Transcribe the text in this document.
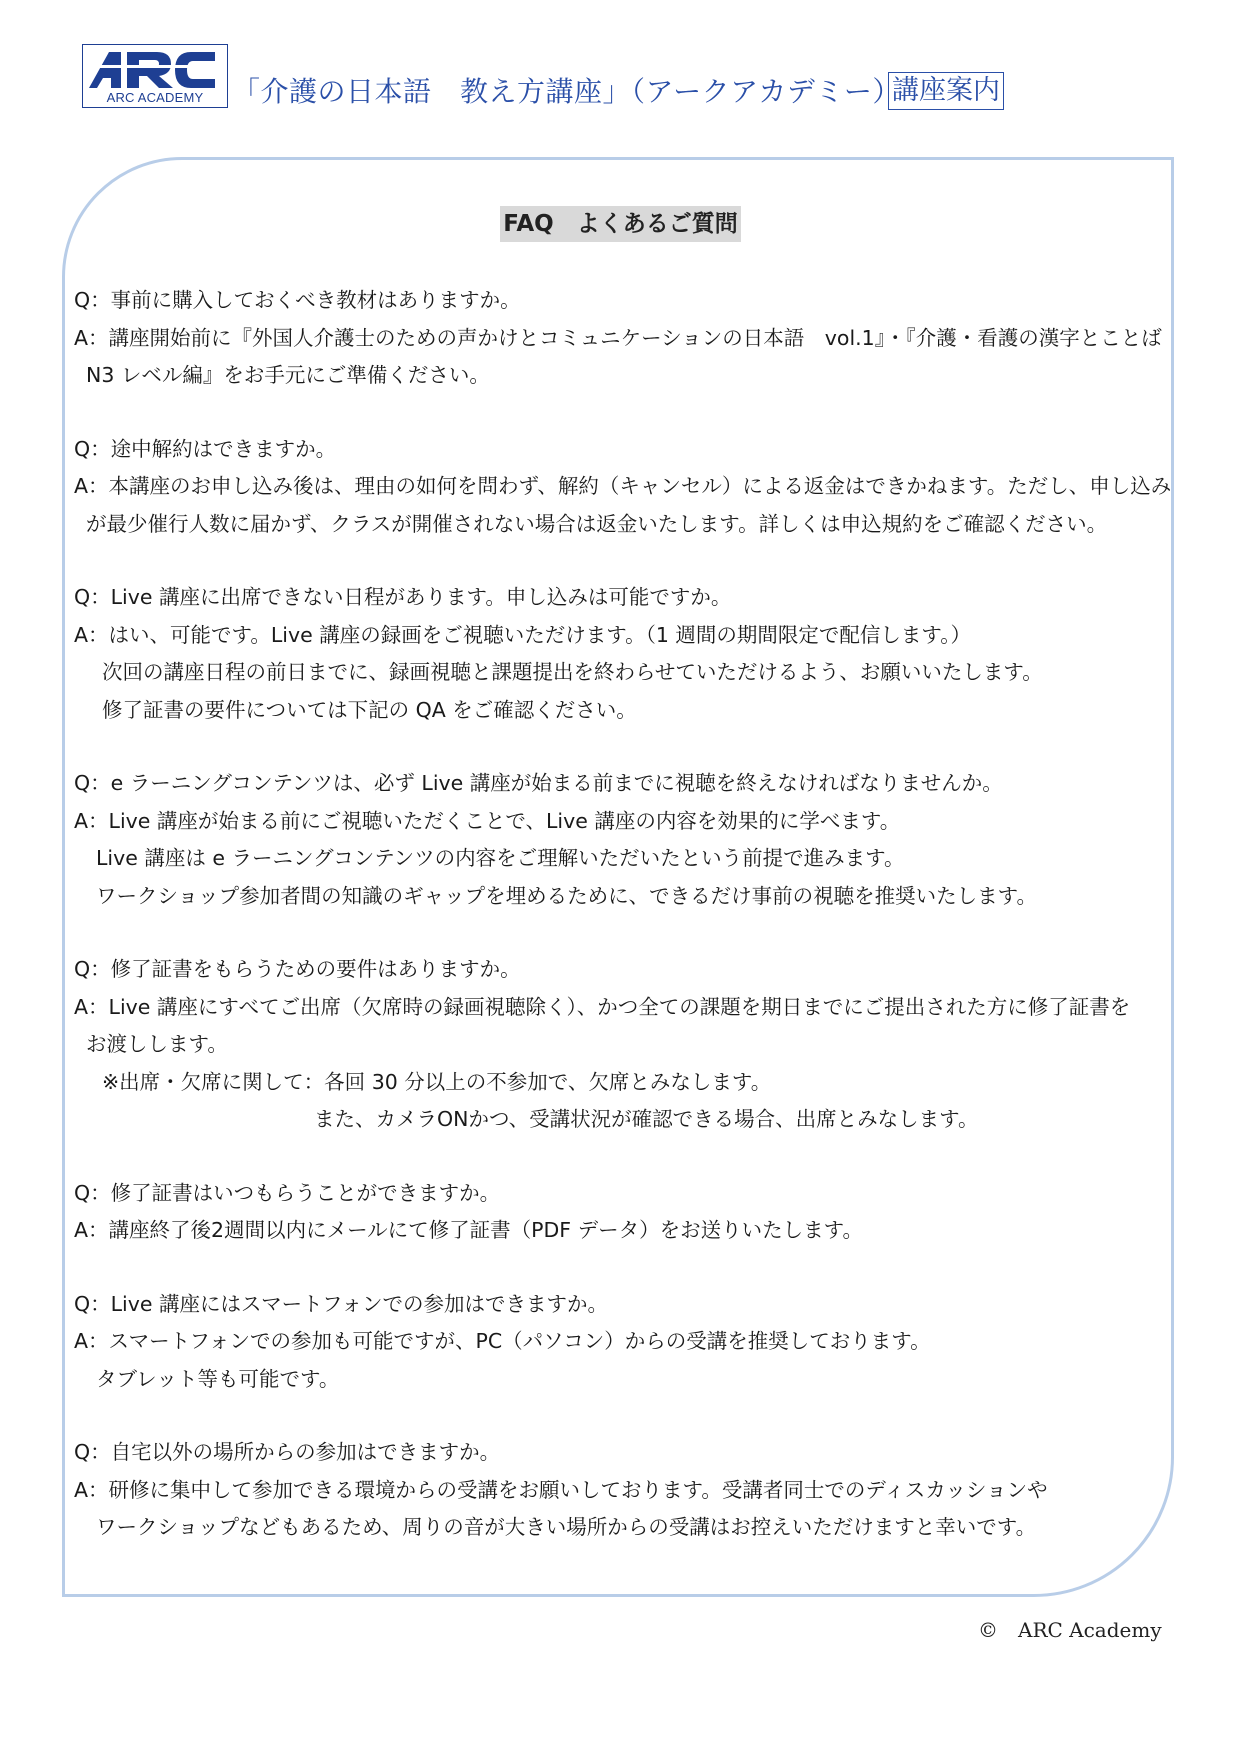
ARC ACADEMY	「介護の日本語　教え方講座」（アークアカデミー）
講座案内
FAQ　よくあるご質問
Q：事前に購入しておくべき教材はありますか。
A：講座開始前に『外国人介護士のための声かけとコミュニケーションの日本語　vol.1』・『介護・看護の漢字とことば
N3 レベル編』をお手元にご準備ください。
Q：途中解約はできますか。
A：本講座のお申し込み後は、理由の如何を問わず、解約（キャンセル）による返金はできかねます。ただし、申し込み
が最少催行人数に届かず、クラスが開催されない場合は返金いたします。詳しくは申込規約をご確認ください。
Q：Live 講座に出席できない日程があります。申し込みは可能ですか。
A：はい、可能です。Live 講座の録画をご視聴いただけます。（1 週間の期間限定で配信します。）
次回の講座日程の前日までに、録画視聴と課題提出を終わらせていただけるよう、お願いいたします。
修了証書の要件については下記の QA をご確認ください。
Q：e ラーニングコンテンツは、必ず Live 講座が始まる前までに視聴を終えなければなりませんか。
A：Live 講座が始まる前にご視聴いただくことで、Live 講座の内容を効果的に学べます。
Live 講座は e ラーニングコンテンツの内容をご理解いただいたという前提で進みます。
ワークショップ参加者間の知識のギャップを埋めるために、できるだけ事前の視聴を推奨いたします。
Q：修了証書をもらうための要件はありますか。
A：Live 講座にすべてご出席（欠席時の録画視聴除く）、かつ全ての課題を期日までにご提出された方に修了証書を
お渡しします。
※出席・欠席に関して：各回 30 分以上の不参加で、欠席とみなします。
また、カメラONかつ、受講状況が確認できる場合、出席とみなします。
Q：修了証書はいつもらうことができますか。
A：講座終了後2週間以内にメールにて修了証書（PDF データ）をお送りいたします。
Q：Live 講座にはスマートフォンでの参加はできますか。
A：スマートフォンでの参加も可能ですが、PC（パソコン）からの受講を推奨しております。
タブレット等も可能です。
Q：自宅以外の場所からの参加はできますか。
A：研修に集中して参加できる環境からの受講をお願いしております。受講者同士でのディスカッションや
ワークショップなどもあるため、周りの音が大きい場所からの受講はお控えいただけますと幸いです。
©　ARC Academy
